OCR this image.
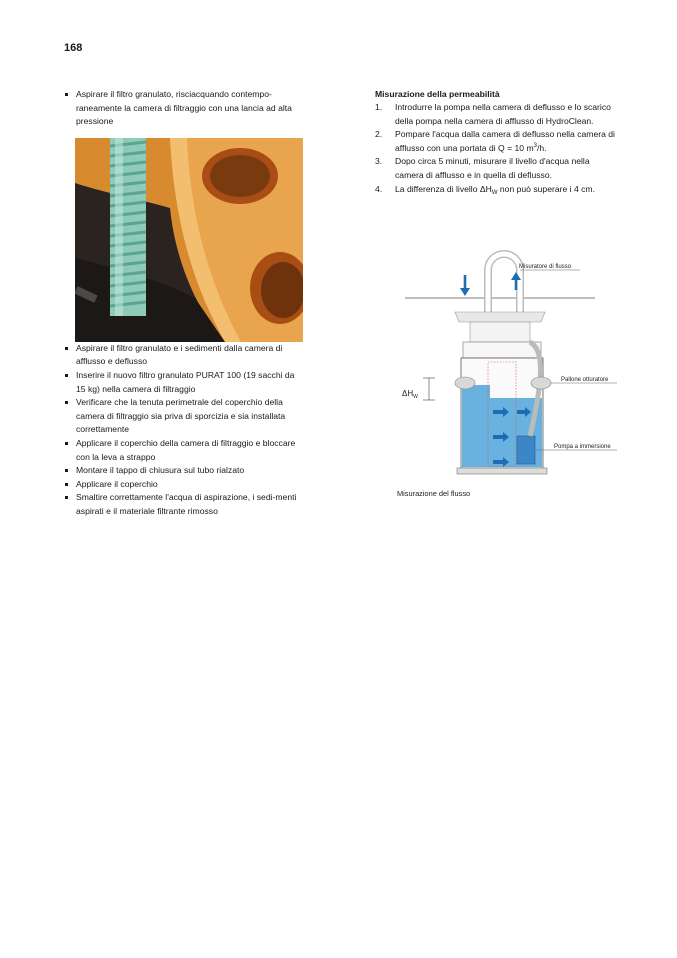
168
Aspirare il filtro granulato, risciacquando contempo-raneamente la camera di filtraggio con una lancia ad alta pressione
Aspirare il filtro granulato e i sedimenti dalla camera di afflusso e deflusso
Inserire il nuovo filtro granulato PURAT 100 (19 sacchi da 15 kg) nella camera di filtraggio
Verificare che la tenuta perimetrale del coperchio della camera di filtraggio sia priva di sporcizia e sia installata correttamente
Applicare il coperchio della camera di filtraggio e bloccare con la leva a strappo
Montare il tappo di chiusura sul tubo rialzato
Applicare il coperchio
Smaltire correttamente l'acqua di aspirazione, i sedi-menti aspirati e il materiale filtrante rimosso
Misurazione della permeabilità
1.	Introdurre la pompa nella camera di deflusso e lo scarico della pompa nella camera di afflusso di HydroClean.
2.	Pompare l'acqua dalla camera di deflusso nella camera di afflusso con una portata di Q = 10 $m^3/h$.
3.	Dopo circa 5 minuti, misurare il livello d'acqua nella camera di afflusso e in quella di deflusso.
4.	La differenza di livello $\Delta H_W$ non può superare i 4 cm.
$\Delta H_W$
Misuratore di flusso
Pallone otturatore
Pompa a immersione
Misurazione del flusso
